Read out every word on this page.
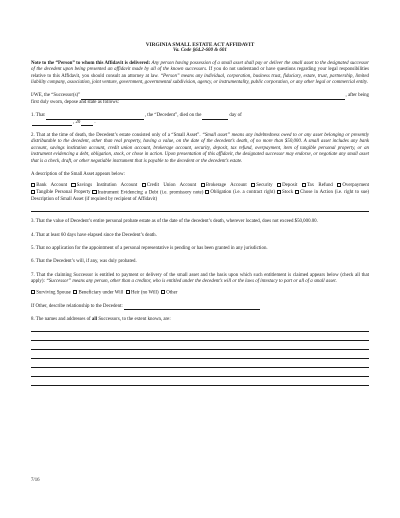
VIRGINIA SMALL ESTATE ACT AFFIDAVIT
Va. Code §64.2-600 & 601

Note to the “Person” to whom this Affidavit is delivered: Any person having possession of a small asset shall pay or deliver the small asset to the designated successor of the decedent upon being presented an affidavit made by all of the known successors. If you do not understand or have questions regarding your legal responsibilities relative to this Affidavit, you should consult an attorney at law. “Person” means any individual, corporation, business trust, fiduciary, estate, trust, partnership, limited liability company, association, joint venture, government, governmental subdivision, agency, or instrumentality, public corporation, or any other legal or commercial entity.

I/WE, the “Successor(s)”	, after being

first duly sworn, depose and state as follows:

1. That	, the “Decedent”, died on the	day of
, 20	.

2. That at the time of death, the Decedent’s estate consisted only of a “Small Asset”. “Small asset” means any indebtedness owed to or any asset belonging or presently distributable to the decedent, other than real property, having a value, on the date of the decedent’s death, of no more than $50,000. A small asset includes any bank account, savings institution account, credit union account, brokerage account, security, deposit, tax refund, overpayment, item of tangible personal property, or an instrument evidencing a debt, obligation, stock, or chose in action. Upon presentation of this affidavit, the designated successor may endorse, or negotiate any small asset that is a check, draft, or other negotiable instrument that is payable to the decedent or the decedent’s estate.

A description of the Small Asset appears below:

Bank Account Savings Institution Account Credit Union Account Brokerage Account Security Deposit Tax Refund Overpayment Tangible Personal Property Instrument Evidencing a Debt (i.e. promissory note) Obligation (i.e. a contract right) Stock Chose in Action (i.e. right to sue) Description of Small Asset (if required by recipient of Affidavit)

3. That the value of Decedent’s entire personal probate estate as of the date of the decedent’s death, wherever located, does not exceed $50,000.00.

4. That at least 60 days have elapsed since the Decedent’s death.

5. That no application for the appointment of a personal representative is pending or has been granted in any jurisdiction.

6. That the Decedent’s will, if any, was duly probated.

7. That the claiming Successor is entitled to payment or delivery of the small asset and the basis upon which such entitlement is claimed appears below (check all that apply): “Successor” means any person, other than a creditor, who is entitled under the decedent’s will or the laws of intestacy to part or all of a small asset.

Surviving Spouse Beneficiary under Will Heir (no Will) Other

If Other, describe relationship to the Decedent:

8. The names and addresses of all Successors, to the extent known, are:

7/16
